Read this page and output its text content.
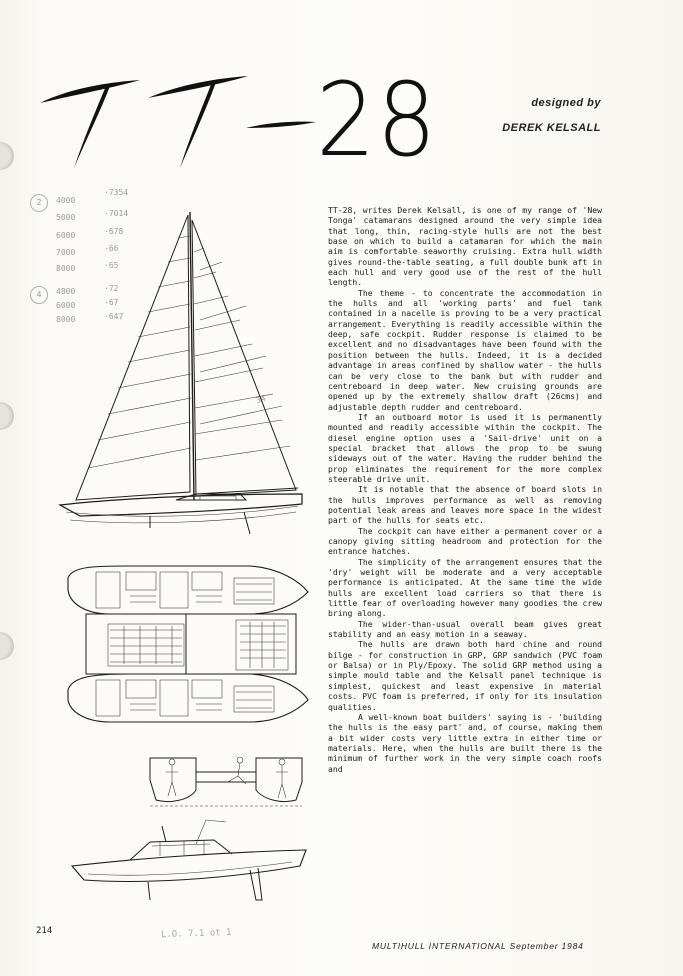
28	designed by
DEREK KELSALL
2
4
4000
5000
6000
7000
8000
4800
6000
8000
·7354
·7014
·678
·66
·65
·72
·67
·647
34

TT-28, writes Derek Kelsall, is one of my range of 'New Tonga' catamarans designed around the very simple idea that long, thin, racing-style hulls are not the best base on which to build a catamaran for which the main aim is comfortable seaworthy cruising. Extra hull width gives round-the-table seating, a full double bunk aft in each hull and very good use of the rest of the hull length.

The theme - to concentrate the accommodation in the hulls and all 'working parts' and fuel tank contained in a nacelle is proving to be a very practical arrangement. Everything is readily accessible within the deep, safe cockpit. Rudder response is claimed to be excellent and no disadvantages have been found with the position between the hulls. Indeed, it is a decided advantage in areas confined by shallow water - the hulls can be very close to the bank but with rudder and centreboard in deep water. New cruising grounds are opened up by the extremely shallow draft (26cms) and adjustable depth rudder and centreboard.

If an outboard motor is used it is permanently mounted and readily accessible within the cockpit. The diesel engine option uses a 'Sail-drive' unit on a special bracket that allows the prop to be swung sideways out of the water. Having the rudder behind the prop eliminates the requirement for the more complex steerable drive unit.

It is notable that the absence of board slots in the hulls improves performance as well as removing potential leak areas and leaves more space in the widest part of the hulls for seats etc.

The cockpit can have either a permanent cover or a canopy giving sitting headroom and protection for the entrance hatches.

The simplicity of the arrangement ensures that the 'dry' weight will be moderate and a very acceptable performance is anticipated. At the same time the wide hulls are excellent load carriers so that there is little fear of overloading however many goodies the crew bring along.

The wider-than-usual overall beam gives great stability and an easy motion in a seaway.

The hulls are drawn both hard chine and round bilge - for construction in GRP, GRP sandwich (PVC foam or Balsa) or in Ply/Epoxy. The solid GRP method using a simple mould table and the Kelsall panel technique is simplest, quickest and least expensive in material costs. PVC foam is preferred, if only for its insulation qualities.

A well-known boat builders' saying is - 'building the hulls is the easy part' and, of course, making them a bit wider costs very little extra in either time or materials. Here, when the hulls are built there is the minimum of further work in the very simple coach roofs and

214	L.O. 7.1 ot 1
MULTIHULL INTERNATIONAL September 1984
